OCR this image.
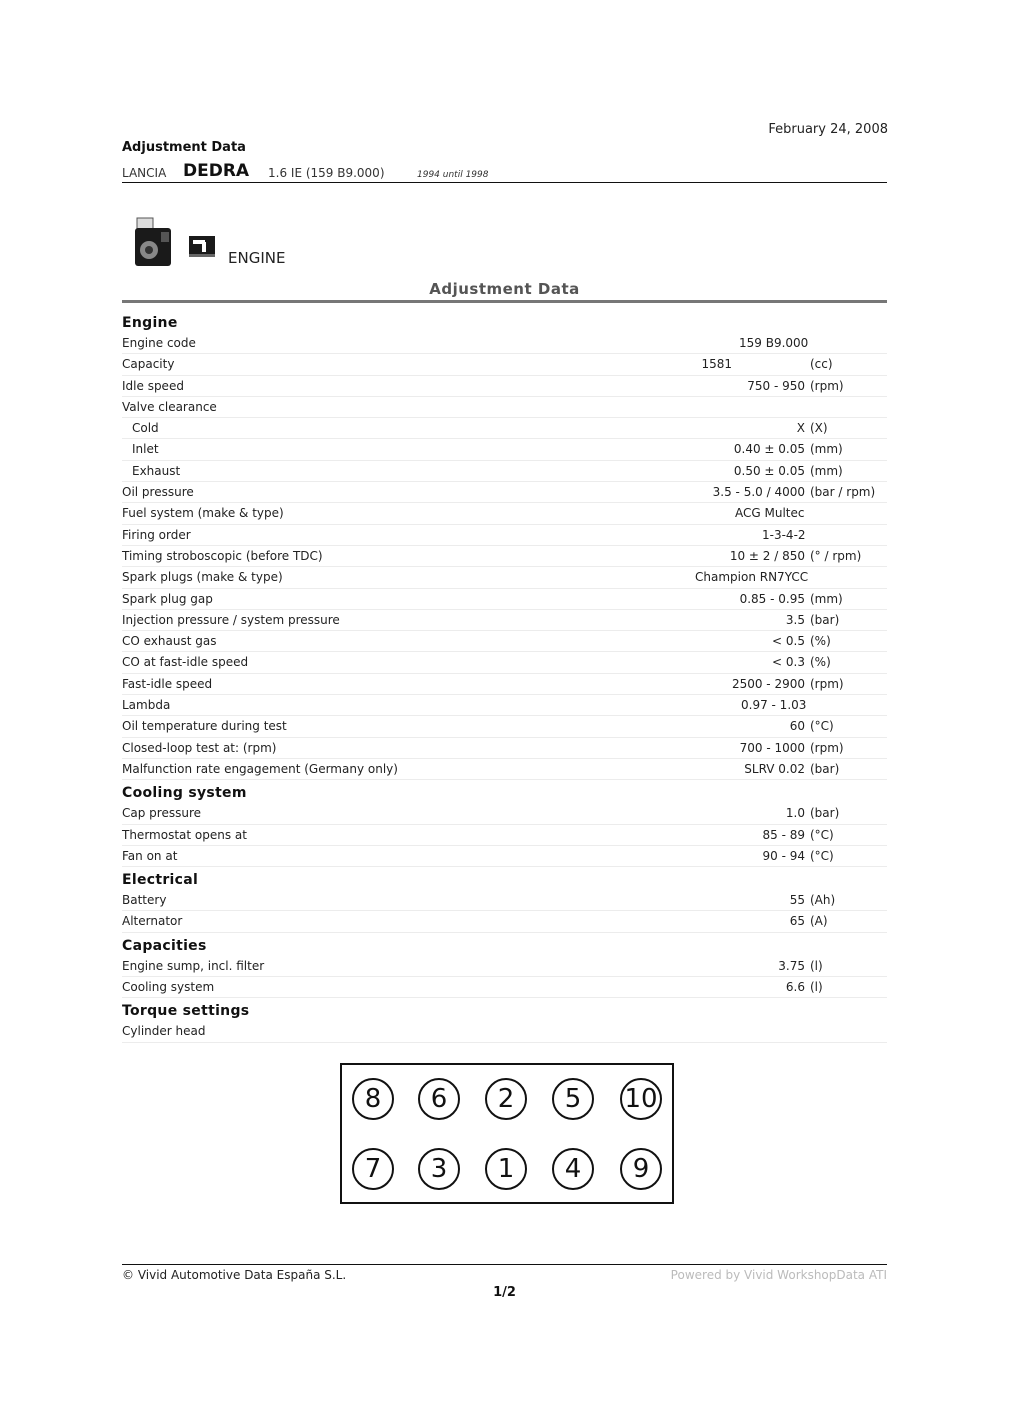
February 24, 2008
Adjustment Data
LANCIA DEDRA 1.6 IE (159 B9.000)	1994 until 1998
ENGINE
Adjustment Data
Engine
Engine code	159 B9.000
Capacity	1581	(cc)
Idle speed	750 - 950 (rpm)
Valve clearance
Cold	X (X)
Inlet	0.40 ± 0.05 (mm)
Exhaust	0.50 ± 0.05 (mm)
Oil pressure	3.5 - 5.0 / 4000 (bar / rpm)
Fuel system (make & type)	ACG Multec
Firing order	1-3-4-2
Timing stroboscopic (before TDC)	10 ± 2 / 850 (° / rpm)
Spark plugs (make & type)	Champion RN7YCC
Spark plug gap	0.85 - 0.95 (mm)
Injection pressure / system pressure	3.5 (bar)
CO exhaust gas	< 0.5 (%)
CO at fast-idle speed	< 0.3 (%)
Fast-idle speed	2500 - 2900 (rpm)
Lambda	0.97 - 1.03
Oil temperature during test	60 (°C)
Closed-loop test at: (rpm)	700 - 1000 (rpm)
Malfunction rate engagement (Germany only)	SLRV 0.02 (bar)
Cooling system
Cap pressure	1.0 (bar)
Thermostat opens at	85 - 89 (°C)
Fan on at	90 - 94 (°C)
Electrical
Battery	55 (Ah)
Alternator	65 (A)
Capacities
Engine sump, incl. filter	3.75 (l)
Cooling system	6.6 (l)
Torque settings
Cylinder head
8	6	2	5	10
7	3	1	4	9
© Vivid Automotive Data España S.L.	Powered by Vivid WorkshopData ATI
1/2
